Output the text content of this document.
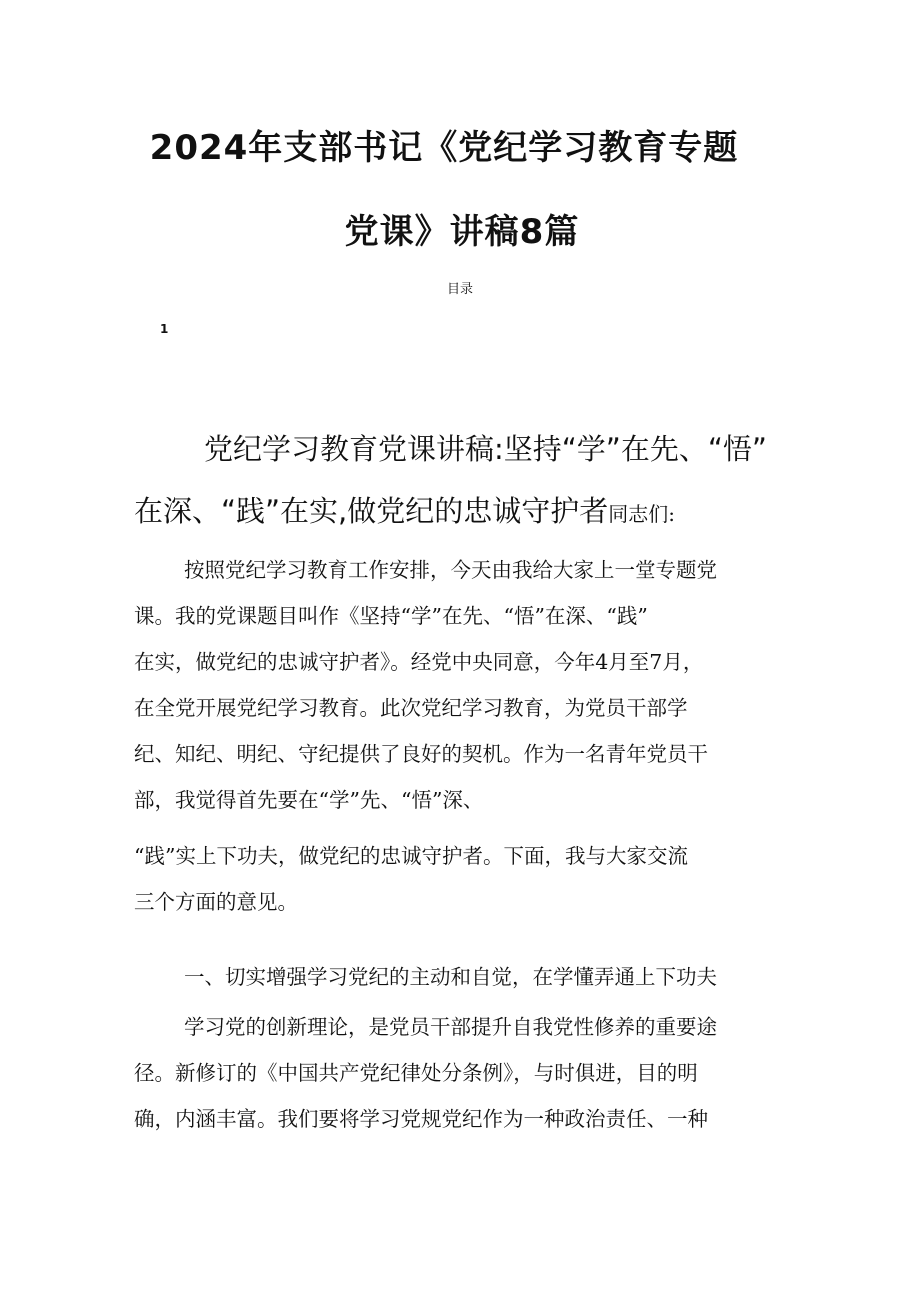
2024年支部书记《党纪学习教育专题
党课》讲稿8篇
目录
1
党纪学习教育党课讲稿:坚持“学”在先、“悟”
在深、“践”在实,做党纪的忠诚守护者同志们:

按照党纪学习教育工作安排，今天由我给大家上一堂专题党

课。我的党课题目叫作《坚持“学”在先、“悟”在深、“践”

在实，做党纪的忠诚守护者》。经党中央同意，今年4月至7月，

在全党开展党纪学习教育。此次党纪学习教育，为党员干部学

纪、知纪、明纪、守纪提供了良好的契机。作为一名青年党员干

部，我觉得首先要在“学”先、“悟”深、

“践”实上下功夫，做党纪的忠诚守护者。下面，我与大家交流

三个方面的意见。

一、切实增强学习党纪的主动和自觉，在学懂弄通上下功夫

学习党的创新理论，是党员干部提升自我党性修养的重要途

径。新修订的《中国共产党纪律处分条例》，与时俱进，目的明

确，内涵丰富。我们要将学习党规党纪作为一种政治责任、一种
